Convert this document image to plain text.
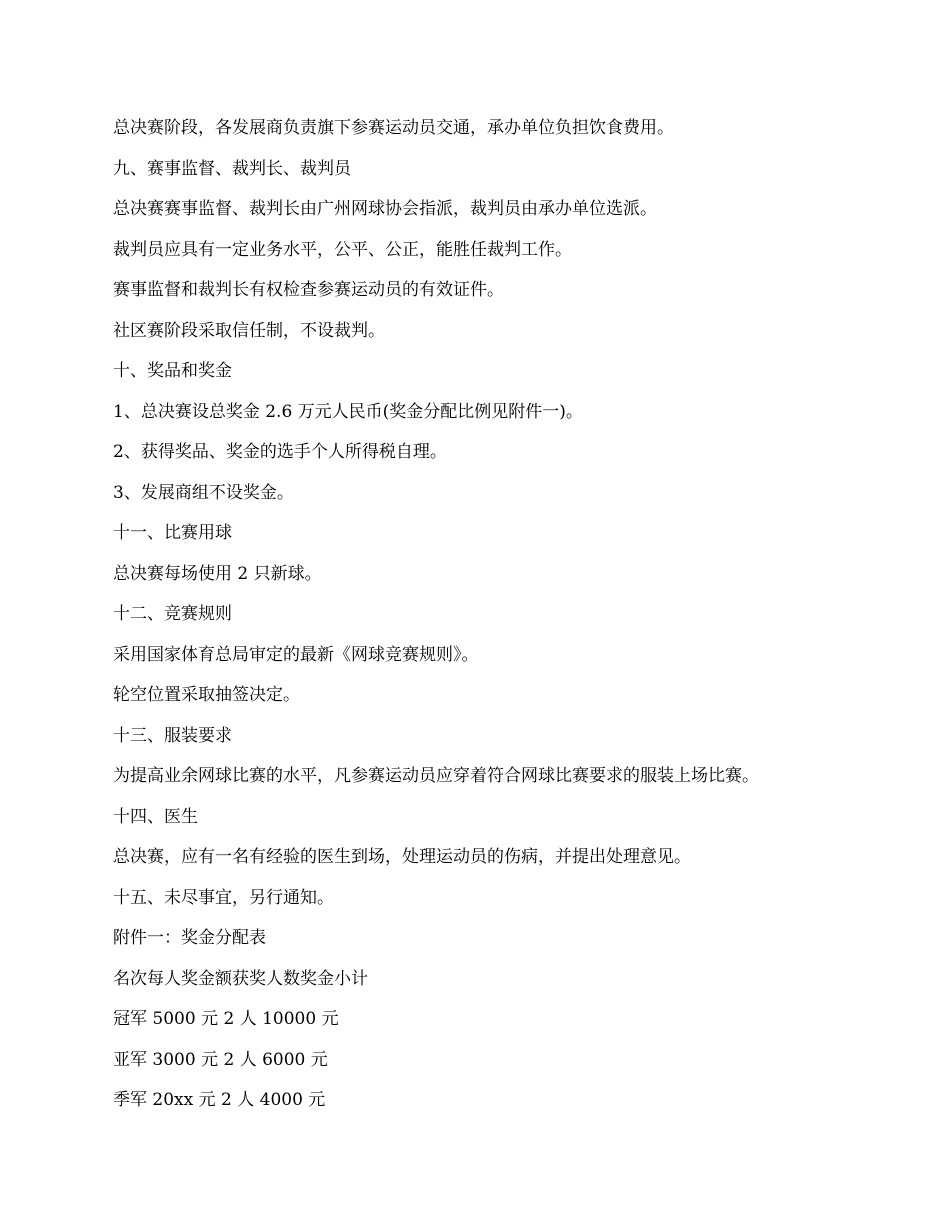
总决赛阶段，各发展商负责旗下参赛运动员交通，承办单位负担饮食费用。
九、赛事监督、裁判长、裁判员
总决赛赛事监督、裁判长由广州网球协会指派，裁判员由承办单位选派。
裁判员应具有一定业务水平，公平、公正，能胜任裁判工作。
赛事监督和裁判长有权检查参赛运动员的有效证件。
社区赛阶段采取信任制，不设裁判。
十、奖品和奖金
1、总决赛设总奖金 2.6 万元人民币(奖金分配比例见附件一)。
2、获得奖品、奖金的选手个人所得税自理。
3、发展商组不设奖金。
十一、比赛用球
总决赛每场使用 2 只新球。
十二、竞赛规则
采用国家体育总局审定的最新《网球竞赛规则》。
轮空位置采取抽签决定。
十三、服装要求
为提高业余网球比赛的水平，凡参赛运动员应穿着符合网球比赛要求的服装上场比赛。
十四、医生
总决赛，应有一名有经验的医生到场，处理运动员的伤病，并提出处理意见。
十五、未尽事宜，另行通知。
附件一：奖金分配表
名次每人奖金额获奖人数奖金小计
冠军 5000 元 2 人 10000 元
亚军 3000 元 2 人 6000 元
季军 20xx 元 2 人 4000 元
